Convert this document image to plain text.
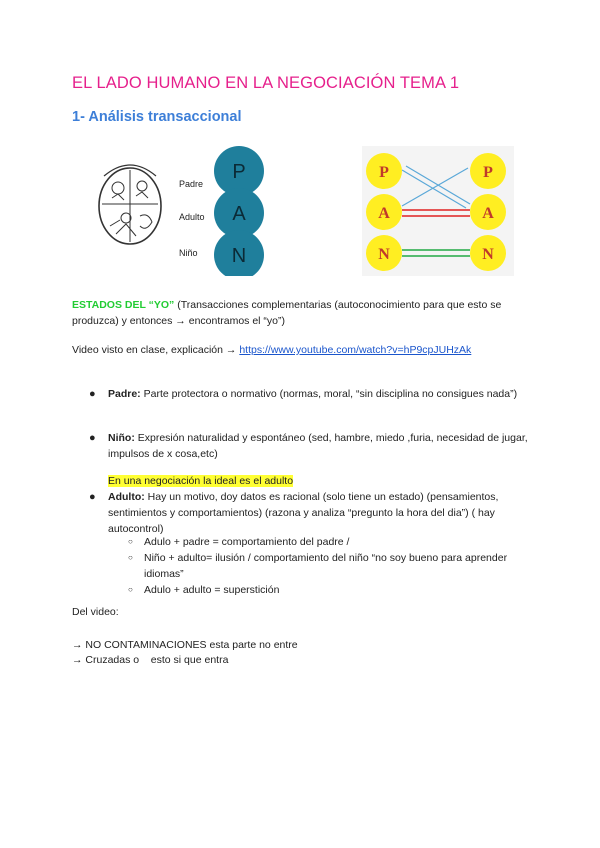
EL LADO HUMANO EN LA NEGOCIACIÓN TEMA 1
1- Análisis transaccional
Padre
Adulto
Niño
P
A
N
P
A
N
P
A
N
ESTADOS DEL “YO” (Transacciones complementarias (autoconocimiento para que esto se produzca) y entonces → encontramos el “yo”)
Video visto en clase, explicación → https://www.youtube.com/watch?v=hP9cpJUHzAk
● Padre: Parte protectora o normativo (normas, moral, “sin disciplina no consigues nada”)
● Niño: Expresión naturalidad y espontáneo (sed, hambre, miedo ,furia, necesidad de jugar, impulsos de x cosa,etc)
En una negociación la ideal es el adulto
● Adulto: Hay un motivo, doy datos es racional (solo tiene un estado) (pensamientos, sentimientos y comportamientos) (razona y analiza “pregunto la hora del dia”) ( hay autocontrol)
○ Adulo + padre = comportamiento del padre /
○ Niño + adulto= ilusión / comportamiento del niño “no soy bueno para aprender idiomas”
○ Adulo + adulto = superstición
Del video:
→ NO CONTAMINACIONES esta parte no entre
→ Cruzadas o    esto si que entra
